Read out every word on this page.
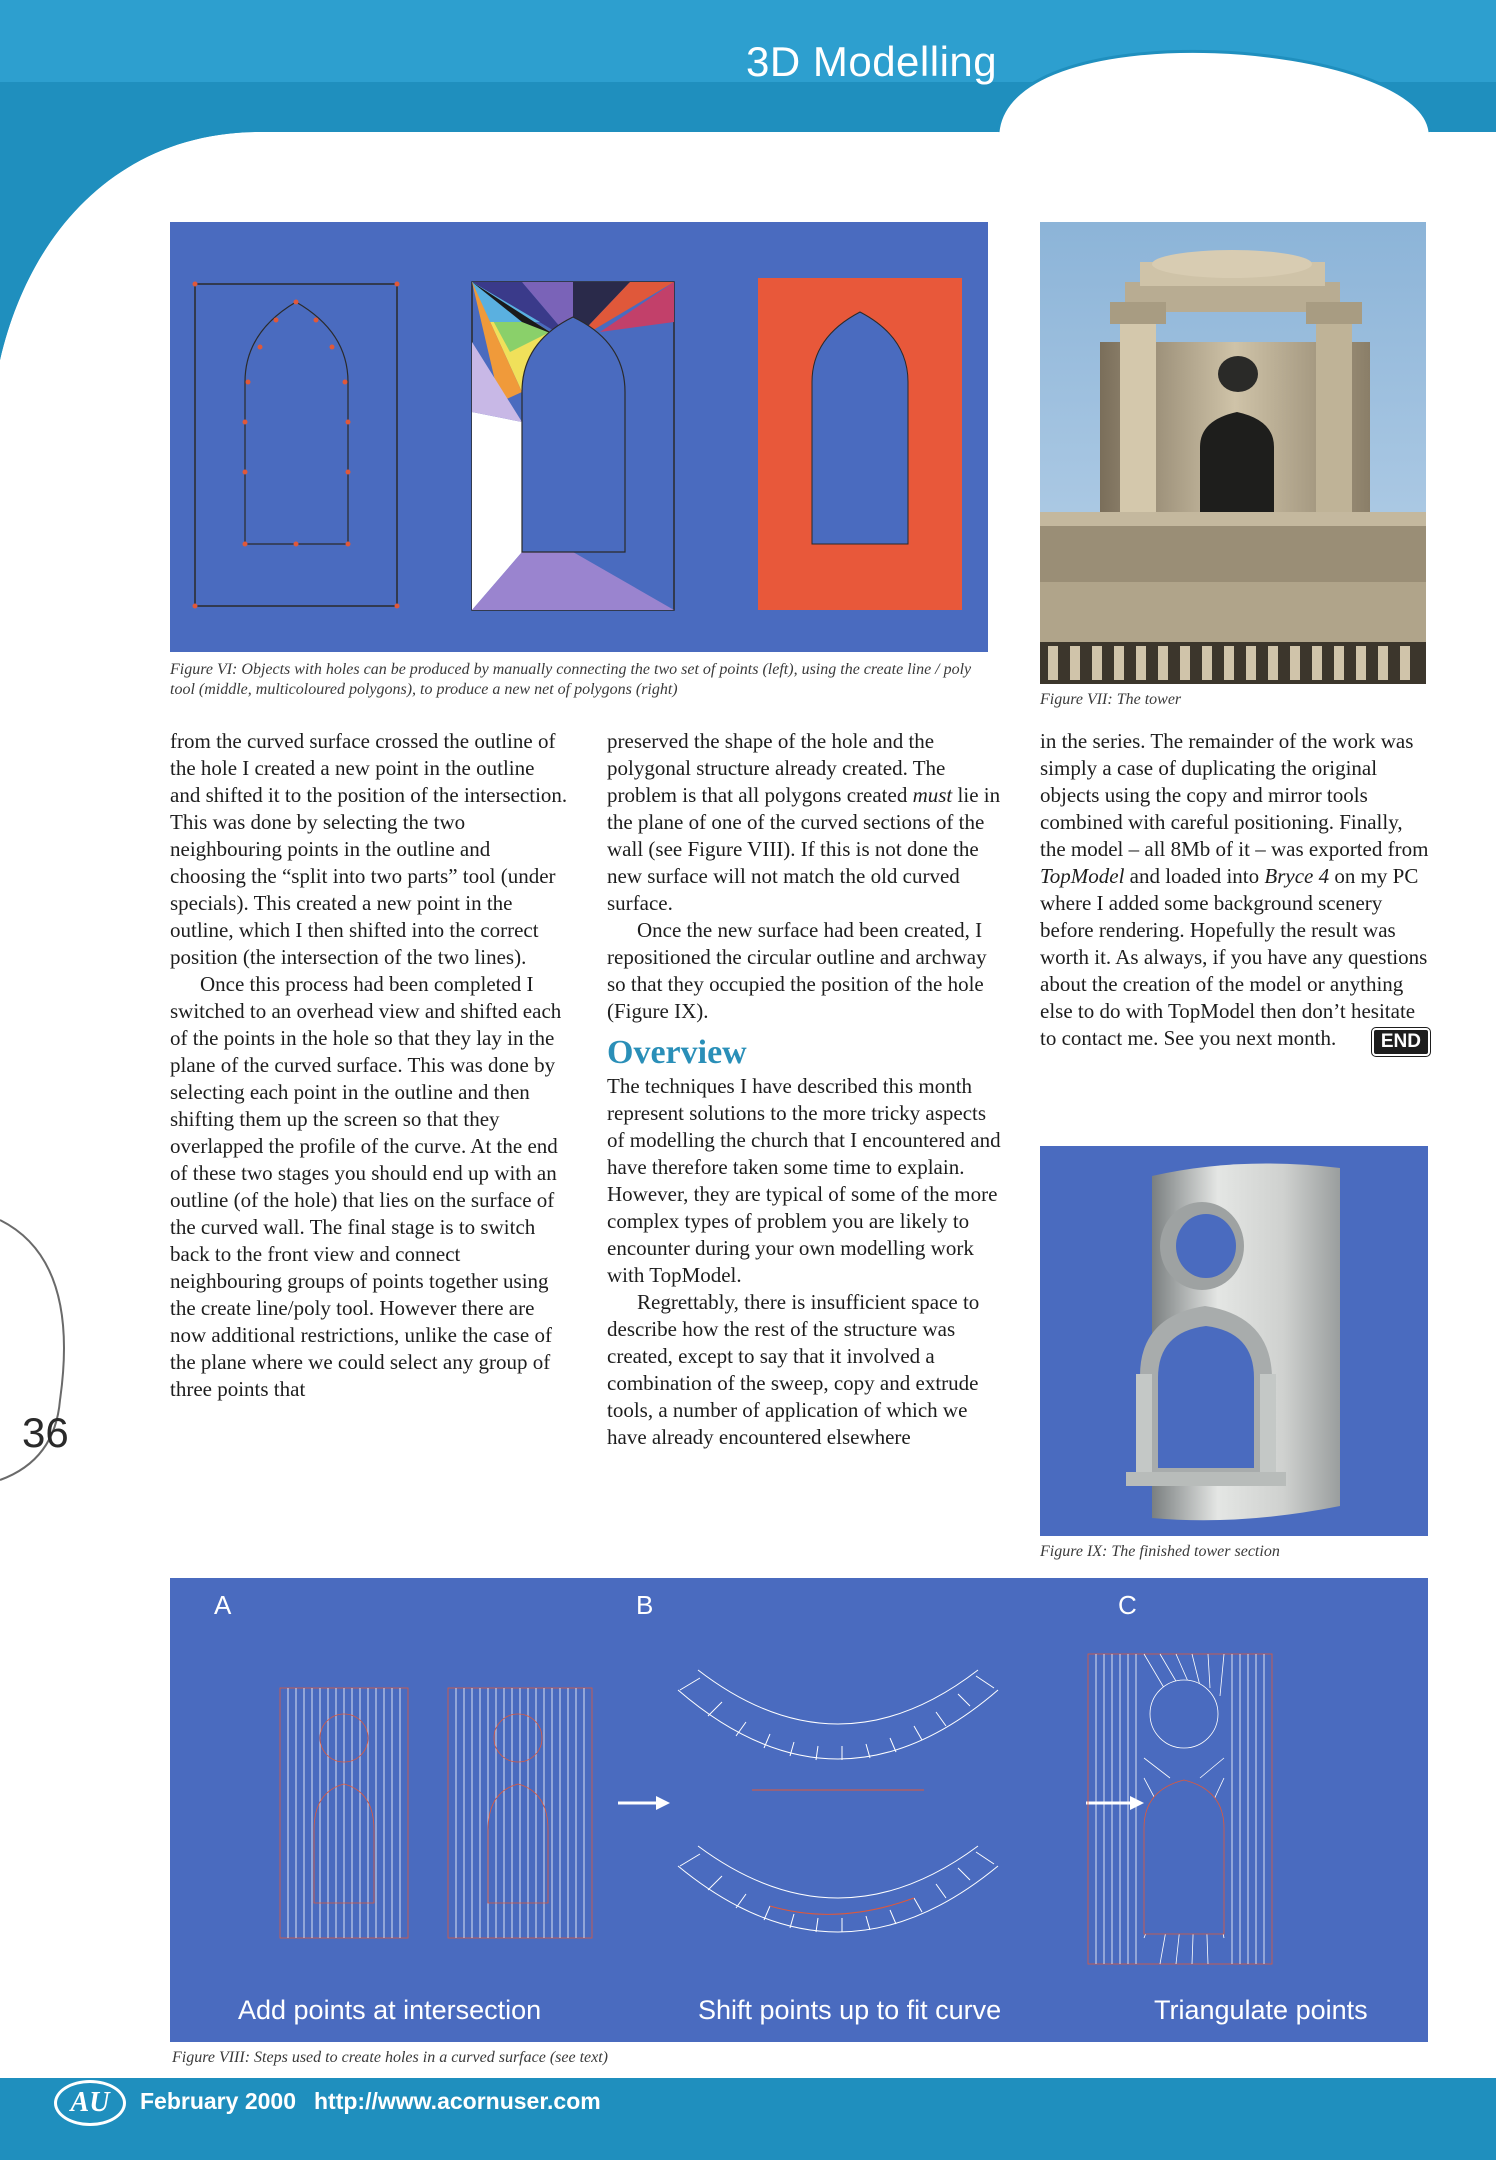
3D Modelling
Figure VI: Objects with holes can be produced by manually connecting the two set of points (left), using the create line / poly tool (middle, multicoloured polygons), to produce a new net of polygons (right)
Figure VII: The tower
36

from the curved surface crossed the outline of the hole I created a new point in the outline and shifted it to the position of the intersection. This was done by selecting the two neighbouring points in the outline and choosing the “split into two parts” tool (under specials). This created a new point in the outline, which I then shifted into the correct position (the intersection of the two lines).

Once this process had been completed I switched to an overhead view and shifted each of the points in the hole so that they lay in the plane of the curved surface. This was done by selecting each point in the outline and then shifting them up the screen so that they overlapped the profile of the curve. At the end of these two stages you should end up with an outline (of the hole) that lies on the surface of the curved wall. The final stage is to switch back to the front view and connect neighbouring groups of points together using the create line/poly tool. However there are now additional restrictions, unlike the case of the plane where we could select any group of three points that

preserved the shape of the hole and the polygonal structure already created. The problem is that all polygons created must lie in the plane of one of the curved sections of the wall (see Figure VIII). If this is not done the new surface will not match the old curved surface.

Once the new surface had been created, I repositioned the circular outline and archway so that they occupied the position of the hole (Figure IX).

Overview

The techniques I have described this month represent solutions to the more tricky aspects of modelling the church that I encountered and have therefore taken some time to explain. However, they are typical of some of the more complex types of problem you are likely to encounter during your own modelling work with TopModel.

Regrettably, there is insufficient space to describe how the rest of the structure was created, except to say that it involved a combination of the sweep, copy and extrude tools, a number of application of which we have already encountered elsewhere

in the series. The remainder of the work was simply a case of duplicating the original objects using the copy and mirror tools combined with careful positioning. Finally, the model – all 8Mb of it – was exported from TopModel and loaded into Bryce 4 on my PC where I added some background scenery before rendering. Hopefully the result was worth it. As always, if you have any questions about the creation of the model or anything else to do with TopModel then don’t hesitate to contact me. See you next month.	END
Figure IX: The finished tower section
A	B	C
Add points at intersection	Shift points up to fit curve	Triangulate points
Figure VIII: Steps used to create holes in a curved surface (see text)
AU	February 2000 http://www.acornuser.com
